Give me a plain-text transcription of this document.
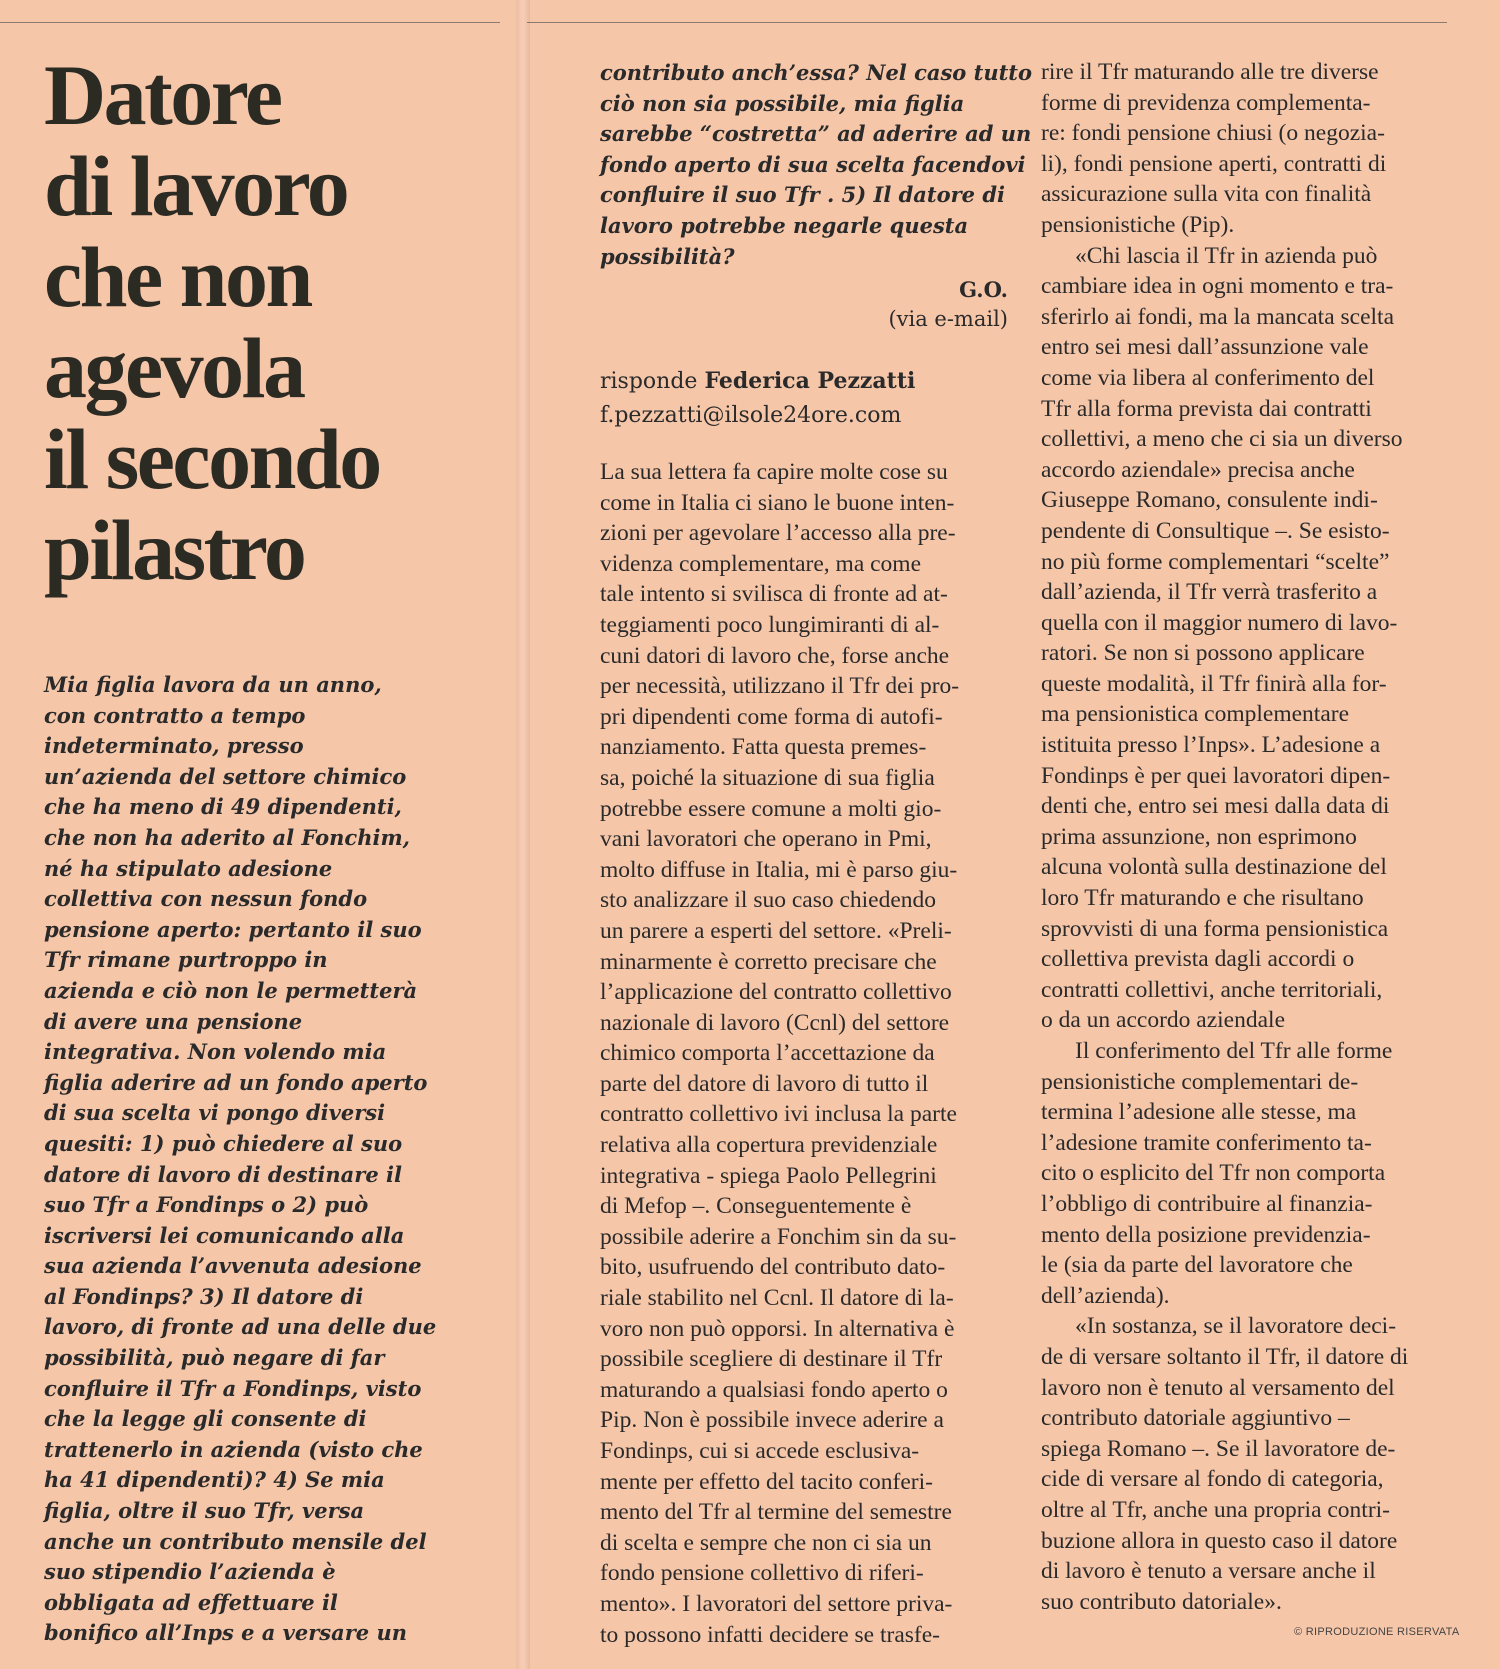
Datore
di lavoro
che non
agevola
il secondo
pilastro
Mia figlia lavora da un anno,
con contratto a tempo
indeterminato, presso
un’azienda del settore chimico
che ha meno di 49 dipendenti,
che non ha aderito al Fonchim,
né ha stipulato adesione
collettiva con nessun fondo
pensione aperto: pertanto il suo
Tfr rimane purtroppo in
azienda e ciò non le permetterà
di avere una pensione
integrativa. Non volendo mia
figlia aderire ad un fondo aperto
di sua scelta vi pongo diversi
quesiti: 1) può chiedere al suo
datore di lavoro di destinare il
suo Tfr a Fondinps o 2) può
iscriversi lei comunicando alla
sua azienda l’avvenuta adesione
al Fondinps? 3) Il datore di
lavoro, di fronte ad una delle due
possibilità, può negare di far
confluire il Tfr a Fondinps, visto
che la legge gli consente di
trattenerlo in azienda (visto che
ha 41 dipendenti)? 4) Se mia
figlia, oltre il suo Tfr, versa
anche un contributo mensile del
suo stipendio l’azienda è
obbligata ad effettuare il
bonifico all’Inps e a versare un
contributo anch’essa? Nel caso tutto
ciò non sia possibile, mia figlia
sarebbe “costretta” ad aderire ad un
fondo aperto di sua scelta facendovi
confluire il suo Tfr . 5) Il datore di
lavoro potrebbe negarle questa
possibilità?
G.O.
(via e-mail)
risponde Federica Pezzatti
f.pezzatti@ilsole24ore.com
La sua lettera fa capire molte cose su
come in Italia ci siano le buone inten-
zioni per agevolare l’accesso alla pre-
videnza complementare, ma come
tale intento si svilisca di fronte ad at-
teggiamenti poco lungimiranti di al-
cuni datori di lavoro che, forse anche
per necessità, utilizzano il Tfr dei pro-
pri dipendenti come forma di autofi-
nanziamento. Fatta questa premes-
sa, poiché la situazione di sua figlia
potrebbe essere comune a molti gio-
vani lavoratori che operano in Pmi,
molto diffuse in Italia, mi è parso giu-
sto analizzare il suo caso chiedendo
un parere a esperti del settore. «Preli-
minarmente è corretto precisare che
l’applicazione del contratto collettivo
nazionale di lavoro (Ccnl) del settore
chimico comporta l’accettazione da
parte del datore di lavoro di tutto il
contratto collettivo ivi inclusa la parte
relativa alla copertura previdenziale
integrativa - spiega Paolo Pellegrini
di Mefop –. Conseguentemente è
possibile aderire a Fonchim sin da su-
bito, usufruendo del contributo dato-
riale stabilito nel Ccnl. Il datore di la-
voro non può opporsi. In alternativa è
possibile scegliere di destinare il Tfr
maturando a qualsiasi fondo aperto o
Pip. Non è possibile invece aderire a
Fondinps, cui si accede esclusiva-
mente per effetto del tacito conferi-
mento del Tfr al termine del semestre
di scelta e sempre che non ci sia un
fondo pensione collettivo di riferi-
mento». I lavoratori del settore priva-
to possono infatti decidere se trasfe-
rire il Tfr maturando alle tre diverse
forme di previdenza complementa-
re: fondi pensione chiusi (o negozia-
li), fondi pensione aperti, contratti di
assicurazione sulla vita con finalità
pensionistiche (Pip).
«Chi lascia il Tfr in azienda può
cambiare idea in ogni momento e tra-
sferirlo ai fondi, ma la mancata scelta
entro sei mesi dall’assunzione vale
come via libera al conferimento del
Tfr alla forma prevista dai contratti
collettivi, a meno che ci sia un diverso
accordo aziendale» precisa anche
Giuseppe Romano, consulente indi-
pendente di Consultique –. Se esisto-
no più forme complementari “scelte”
dall’azienda, il Tfr verrà trasferito a
quella con il maggior numero di lavo-
ratori. Se non si possono applicare
queste modalità, il Tfr finirà alla for-
ma pensionistica complementare
istituita presso l’Inps». L’adesione a
Fondinps è per quei lavoratori dipen-
denti che, entro sei mesi dalla data di
prima assunzione, non esprimono
alcuna volontà sulla destinazione del
loro Tfr maturando e che risultano
sprovvisti di una forma pensionistica
collettiva prevista dagli accordi o
contratti collettivi, anche territoriali,
o da un accordo aziendale
Il conferimento del Tfr alle forme
pensionistiche complementari de-
termina l’adesione alle stesse, ma
l’adesione tramite conferimento ta-
cito o esplicito del Tfr non comporta
l’obbligo di contribuire al finanzia-
mento della posizione previdenzia-
le (sia da parte del lavoratore che
dell’azienda).
«In sostanza, se il lavoratore deci-
de di versare soltanto il Tfr, il datore di
lavoro non è tenuto al versamento del
contributo datoriale aggiuntivo –
spiega Romano –. Se il lavoratore de-
cide di versare al fondo di categoria,
oltre al Tfr, anche una propria contri-
buzione allora in questo caso il datore
di lavoro è tenuto a versare anche il
suo contributo datoriale».
© RIPRODUZIONE RISERVATA
